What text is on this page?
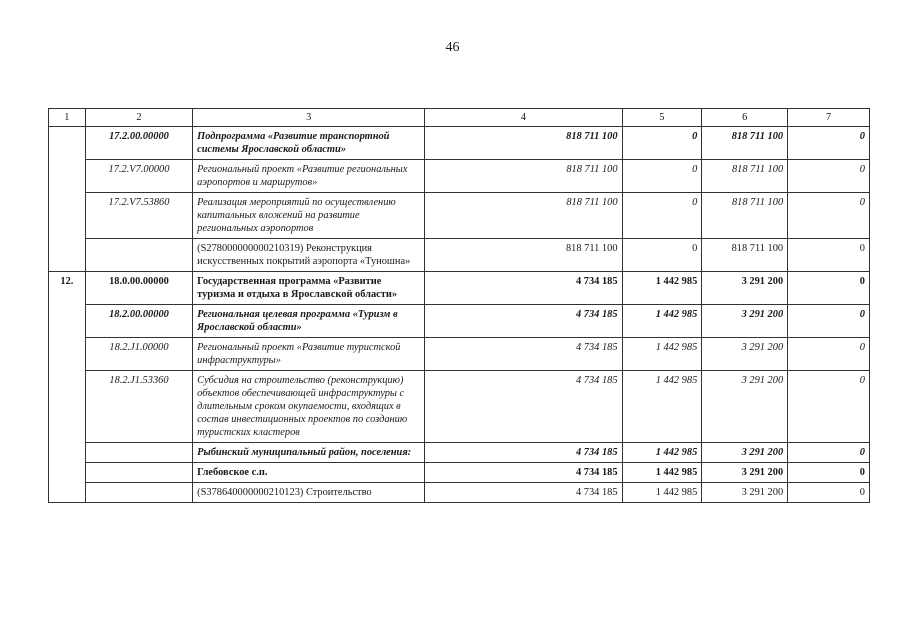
46
1	2	3	4	5	6	7
	17.2.00.00000	Подпрограмма «Развитие транспортной системы Ярославской области»	818 711 100	0	818 711 100	0
	17.2.V7.00000	Региональный проект «Развитие региональных аэропортов и маршрутов»	818 711 100	0	818 711 100	0
	17.2.V7.53860	Реализация мероприятий по осуществлению капитальных вложений на развитие региональных аэропортов	818 711 100	0	818 711 100	0
		(S278000000000210319) Реконструкция искусственных покрытий аэропорта «Туношна»	818 711 100	0	818 711 100	0
12.	18.0.00.00000	Государственная программа «Развитие туризма и отдыха в Ярославской области»	4 734 185	1 442 985	3 291 200	0
	18.2.00.00000	Региональная целевая программа «Туризм в Ярославской области»	4 734 185	1 442 985	3 291 200	0
	18.2.J1.00000	Региональный проект «Развитие туристской инфраструктуры»	4 734 185	1 442 985	3 291 200	0
	18.2.J1.53360	Субсидия на строительство (реконструкцию) объектов обеспечивающей инфраструктуры с длительным сроком окупаемости, входящих в состав инвестиционных проектов по созданию туристских кластеров	4 734 185	1 442 985	3 291 200	0
		Рыбинский муниципальный район, поселения:	4 734 185	1 442 985	3 291 200	0
		Глебовское с.п.	4 734 185	1 442 985	3 291 200	0
		(S378640000000210123) Строительство	4 734 185	1 442 985	3 291 200	0
